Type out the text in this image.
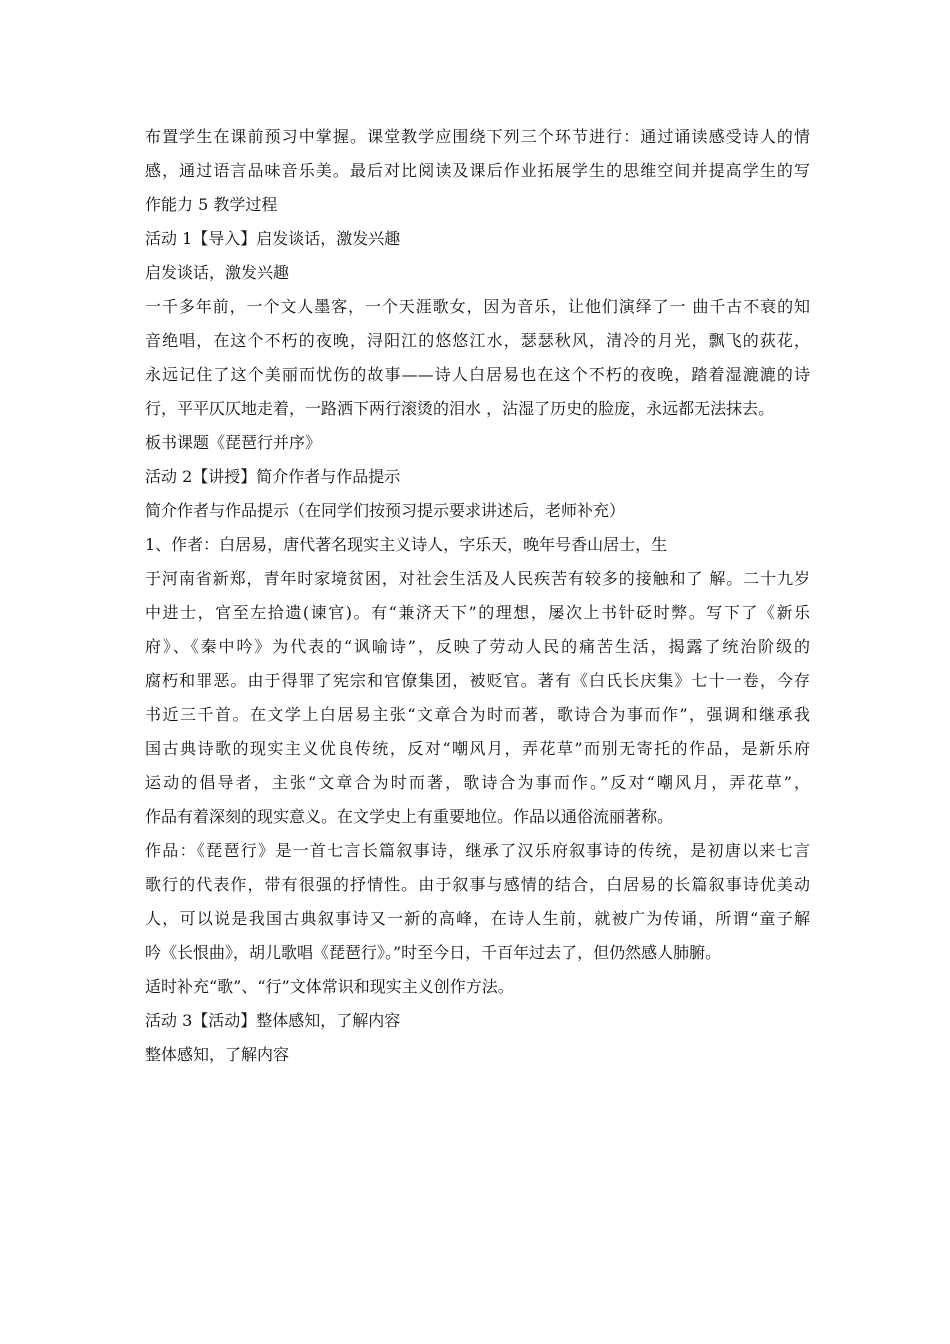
布置学生在课前预习中掌握。课堂教学应围绕下列三个环节进行：通过诵读感受诗人的情
感，通过语言品味音乐美。最后对比阅读及课后作业拓展学生的思维空间并提高学生的写
作能力 5 教学过程
活动 1【导入】启发谈话，激发兴趣
启发谈话，激发兴趣
一千多年前，一个文人墨客，一个天涯歌女，因为音乐，让他们演绎了一 曲千古不衰的知
音绝唱，在这个不朽的夜晚，浔阳江的悠悠江水，瑟瑟秋风，清冷的月光，飘飞的荻花，
永远记住了这个美丽而忧伤的故事——诗人白居易也在这个不朽的夜晚，踏着湿漉漉的诗
行，平平仄仄地走着，一路洒下两行滚烫的泪水 ，沾湿了历史的脸庞，永远都无法抹去。
板书课题《琵琶行并序》
活动 2【讲授】简介作者与作品提示
简介作者与作品提示（在同学们按预习提示要求讲述后，老师补充）
1、作者：白居易，唐代著名现实主义诗人，字乐天，晚年号香山居士，生
于河南省新郑，青年时家境贫困，对社会生活及人民疾苦有较多的接触和了 解。二十九岁
中进士，官至左拾遗(谏官)。有“兼济天下”的理想，屡次上书针砭时弊。写下了《新乐
府》、《秦中吟》为代表的“讽喻诗”，反映了劳动人民的痛苦生活，揭露了统治阶级的
腐朽和罪恶。由于得罪了宪宗和官僚集团，被贬官。著有《白氏长庆集》七十一卷，今存
书近三千首。在文学上白居易主张“文章合为时而著，歌诗合为事而作”，强调和继承我
国古典诗歌的现实主义优良传统，反对“嘲风月，弄花草”而别无寄托的作品，是新乐府
运动的倡导者，主张“文章合为时而著，歌诗合为事而作。”反对“嘲风月，弄花草”，
作品有着深刻的现实意义。在文学史上有重要地位。作品以通俗流丽著称。
作品：《琵琶行》是一首七言长篇叙事诗，继承了汉乐府叙事诗的传统，是初唐以来七言
歌行的代表作，带有很强的抒情性。由于叙事与感情的结合，白居易的长篇叙事诗优美动
人，可以说是我国古典叙事诗又一新的高峰，在诗人生前，就被广为传诵，所谓“童子解
吟《长恨曲》，胡儿歌唱《琵琶行》。”时至今日，千百年过去了，但仍然感人肺腑。
适时补充“歌”、“行”文体常识和现实主义创作方法。
活动 3【活动】整体感知，了解内容
整体感知，了解内容
